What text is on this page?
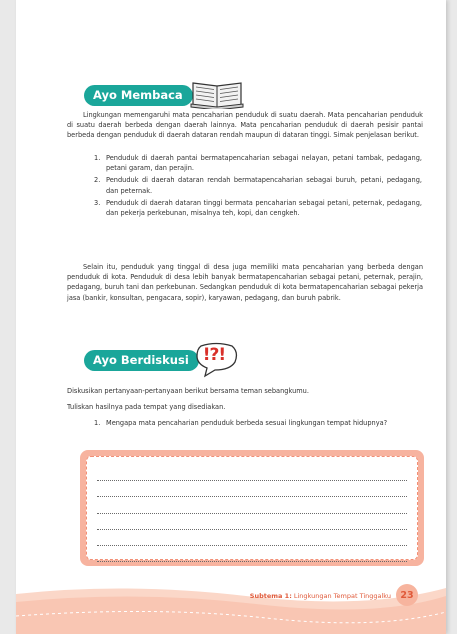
Ayo Membaca

Lingkungan memengaruhi mata pencaharian penduduk di suatu daerah. Mata pencaharian penduduk di suatu daerah berbeda dengan daerah lainnya. Mata pencaharian penduduk di daerah pesisir pantai berbeda dengan penduduk di daerah dataran rendah maupun di dataran tinggi. Simak penjelasan berikut.

1. Penduduk di daerah pantai bermatapencaharian sebagai nelayan, petani tambak, pedagang, petani garam, dan perajin.
2. Penduduk di daerah dataran rendah bermatapencaharian sebagai buruh, petani, pedagang, dan peternak.
3. Penduduk di daerah dataran tinggi bermata pencaharian sebagai petani, peternak, pedagang, dan pekerja perkebunan, misalnya teh, kopi, dan cengkeh.

Selain itu, penduduk yang tinggal di desa juga memiliki mata pencaharian yang berbeda dengan penduduk di kota. Penduduk di desa lebih banyak bermatapencaharian sebagai petani, peternak, perajin, pedagang, buruh tani dan perkebunan. Sedangkan penduduk di kota bermatapencaharian sebagai pekerja jasa (bankir, konsultan, pengacara, sopir), karyawan, pedagang, dan buruh pabrik.

Ayo Berdiskusi !?!

Diskusikan pertanyaan-pertanyaan berikut bersama teman sebangkumu.

Tuliskan hasilnya pada tempat yang disediakan.

1. Mengapa mata pencaharian penduduk berbeda sesuai lingkungan tempat hidupnya?
Subtema 1: Lingkungan Tempat Tinggalku 23
